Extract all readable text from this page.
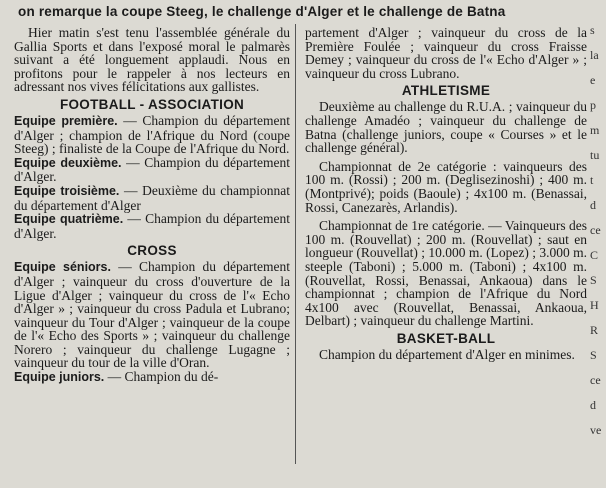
on remarque la coupe Steeg, le challenge d'Alger et le challenge de Batna

Hier matin s'est tenu l'assemblée générale du Gallia Sports et dans l'exposé moral le palmarès suivant a été longuement applaudi. Nous en profitons pour le rappeler à nos lecteurs en adressant nos vives félicitations aux gallistes.

FOOTBALL - ASSOCIATION

Equipe première. — Champion du département d'Alger ; champion de l'Afrique du Nord (coupe Steeg) ; finaliste de la Coupe de l'Afrique du Nord.

Equipe deuxième. — Champion du département d'Alger.

Equipe troisième. — Deuxième du championnat du département d'Alger

Equipe quatrième. — Champion du département d'Alger.

CROSS

Equipe séniors. — Champion du département d'Alger ; vainqueur du cross d'ouverture de la Ligue d'Alger ; vainqueur du cross de l'« Echo d'Alger » ; vainqueur du cross Padula et Lubrano; vainqueur du Tour d'Alger ; vainqueur de la coupe de l'« Echo des Sports » ; vainqueur du challenge Norero ; vainqueur du challenge Lugagne ; vainqueur du tour de la ville d'Oran.

Equipe juniors. — Champion du dé-

partement d'Alger ; vainqueur du cross de la Première Foulée ; vainqueur du cross Fraisse Demey ; vainqueur du cross de l'« Echo d'Alger » ; vainqueur du cross Lubrano.

ATHLETISME

Deuxième au challenge du R.U.A. ; vainqueur du challenge Amadéo ; vainqueur du challenge de Batna (challenge juniors, coupe « Courses » et le challenge général).

Championnat de 2e catégorie : vainqueurs des 100 m. (Rossi) ; 200 m. (Deglisezinoshi) ; 400 m. (Montprivé); poids (Baoule) ; 4x100 m. (Benassai, Rossi, Canezarès, Arlandis).

Championnat de 1re catégorie. — Vainqueurs des 100 m. (Rouvellat) ; 200 m. (Rouvellat) ; saut en longueur (Rouvellat) ; 10.000 m. (Lopez) ; 3.000 m. steeple (Taboni) ; 5.000 m. (Taboni) ; 4x100 m. (Rouvellat, Rossi, Benassai, Ankaoua) dans le championnat ; champion de l'Afrique du Nord 4x100 avec (Rouvellat, Benassai, Ankaoua, Delbart) ; vainqueur du challenge Martini.

BASKET-BALL

Champion du département d'Alger en minimes.

s
la
e
p
m
tu
t
d
ce
C
S
H
R
S
ce
d
ve
